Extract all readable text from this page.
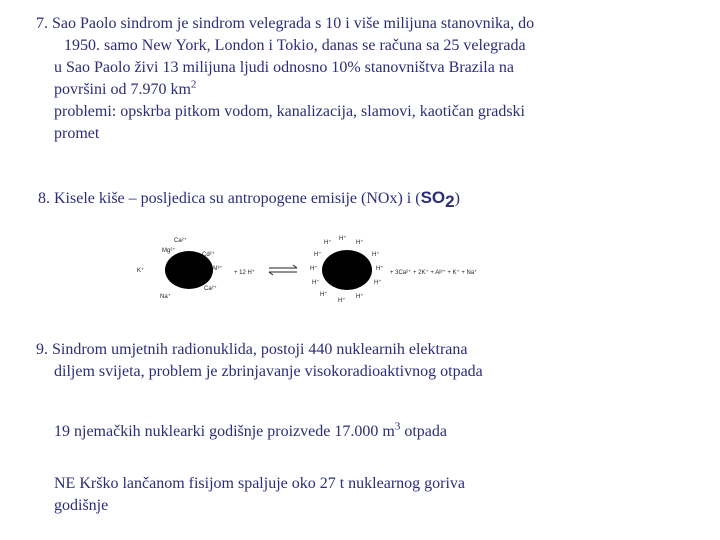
7. Sao Paolo sindrom je sindrom velegrada s 10 i više milijuna stanovnika, do
1950. samo New York, London i Tokio, danas se računa sa 25 velegrada
u Sao Paolo živi 13 milijuna ljudi odnosno 10% stanovništva Brazila na
površini od 7.970 $km^2$
problemi: opskrba pitkom vodom, kanalizacija, slamovi, kaotičan gradski
promet
8. Kisele kiše – posljedica su antropogene emisije (NOx) i $(SO_2)$
Ca²⁺
Mg²⁺
Cd²⁺
Al³⁺
K⁺
Ca²⁺
Na⁺
+ 12 H⁺
H⁺
H⁺
H⁺
H⁺	H⁺
H⁺	H⁺
H⁺	H⁺
H⁺
H⁺
H⁺
+ 3Ca²⁺ + 2K⁺ + Al³⁺ + K⁺ + Na⁺
9. Sindrom umjetnih radionuklida, postoji 440 nuklearnih elektrana
diljem svijeta, problem je zbrinjavanje visokoradioaktivnog otpada
19 njemačkih nuklearki godišnje proizvede 17.000 $m^3$ otpada
NE Krško lančanom fisijom spaljuje oko 27 t nuklearnog goriva
godišnje
